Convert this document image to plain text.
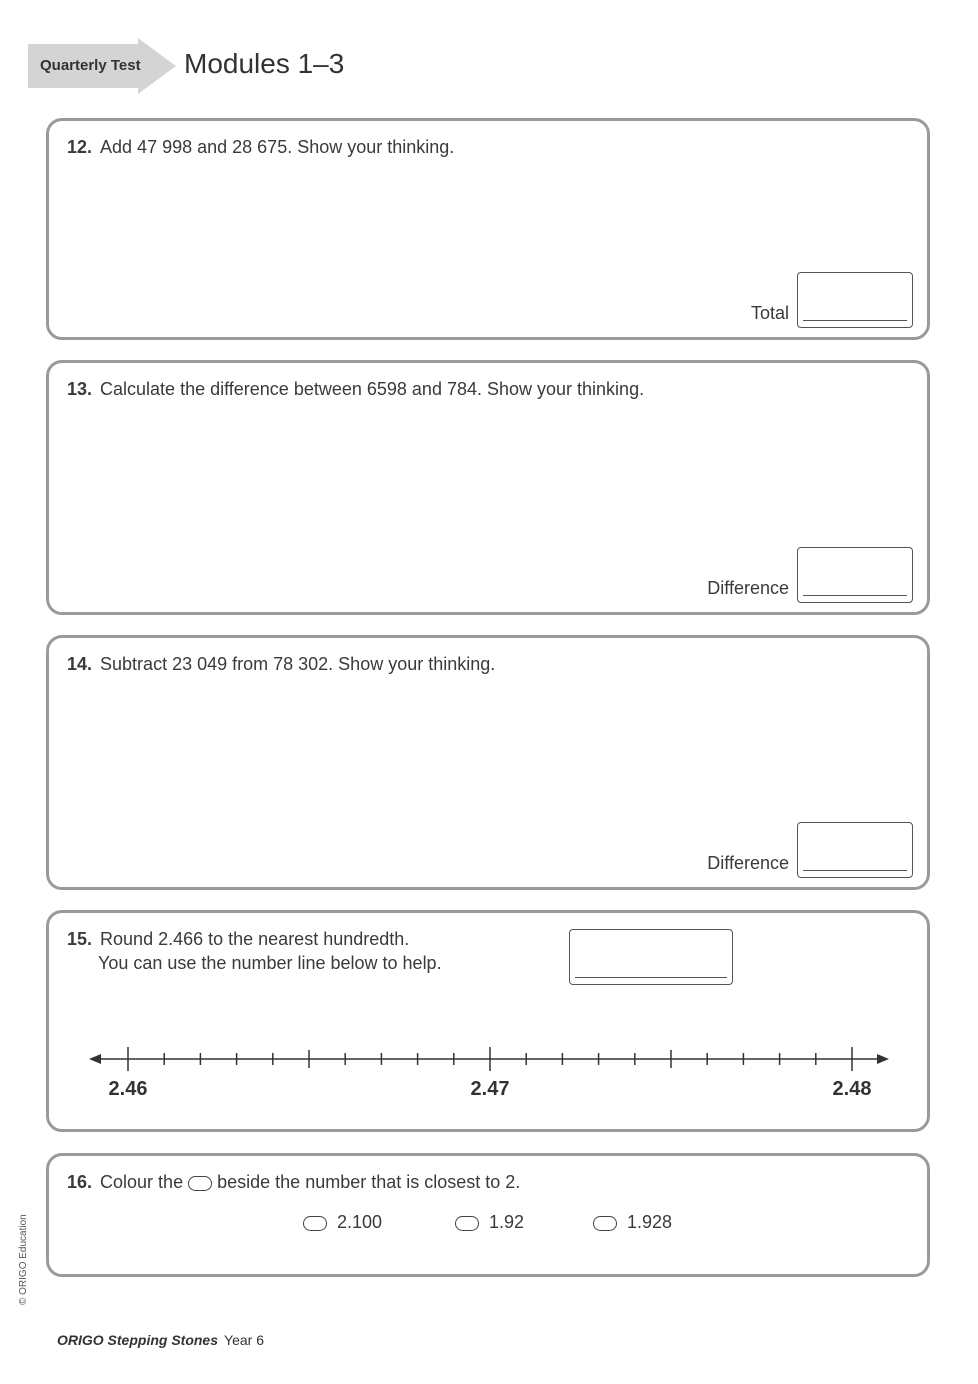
Quarterly Test Modules 1–3
12. Add 47 998 and 28 675. Show your thinking.
Total
13. Calculate the difference between 6598 and 784. Show your thinking.
Difference
14. Subtract 23 049 from 78 302. Show your thinking.
Difference
15. Round 2.466 to the nearest hundredth.
You can use the number line below to help.
2.46	2.47	2.48
16. Colour the beside the number that is closest to 2.
2.100	1.92	1.928
© ORIGO Education
ORIGO Stepping Stones Year 6
